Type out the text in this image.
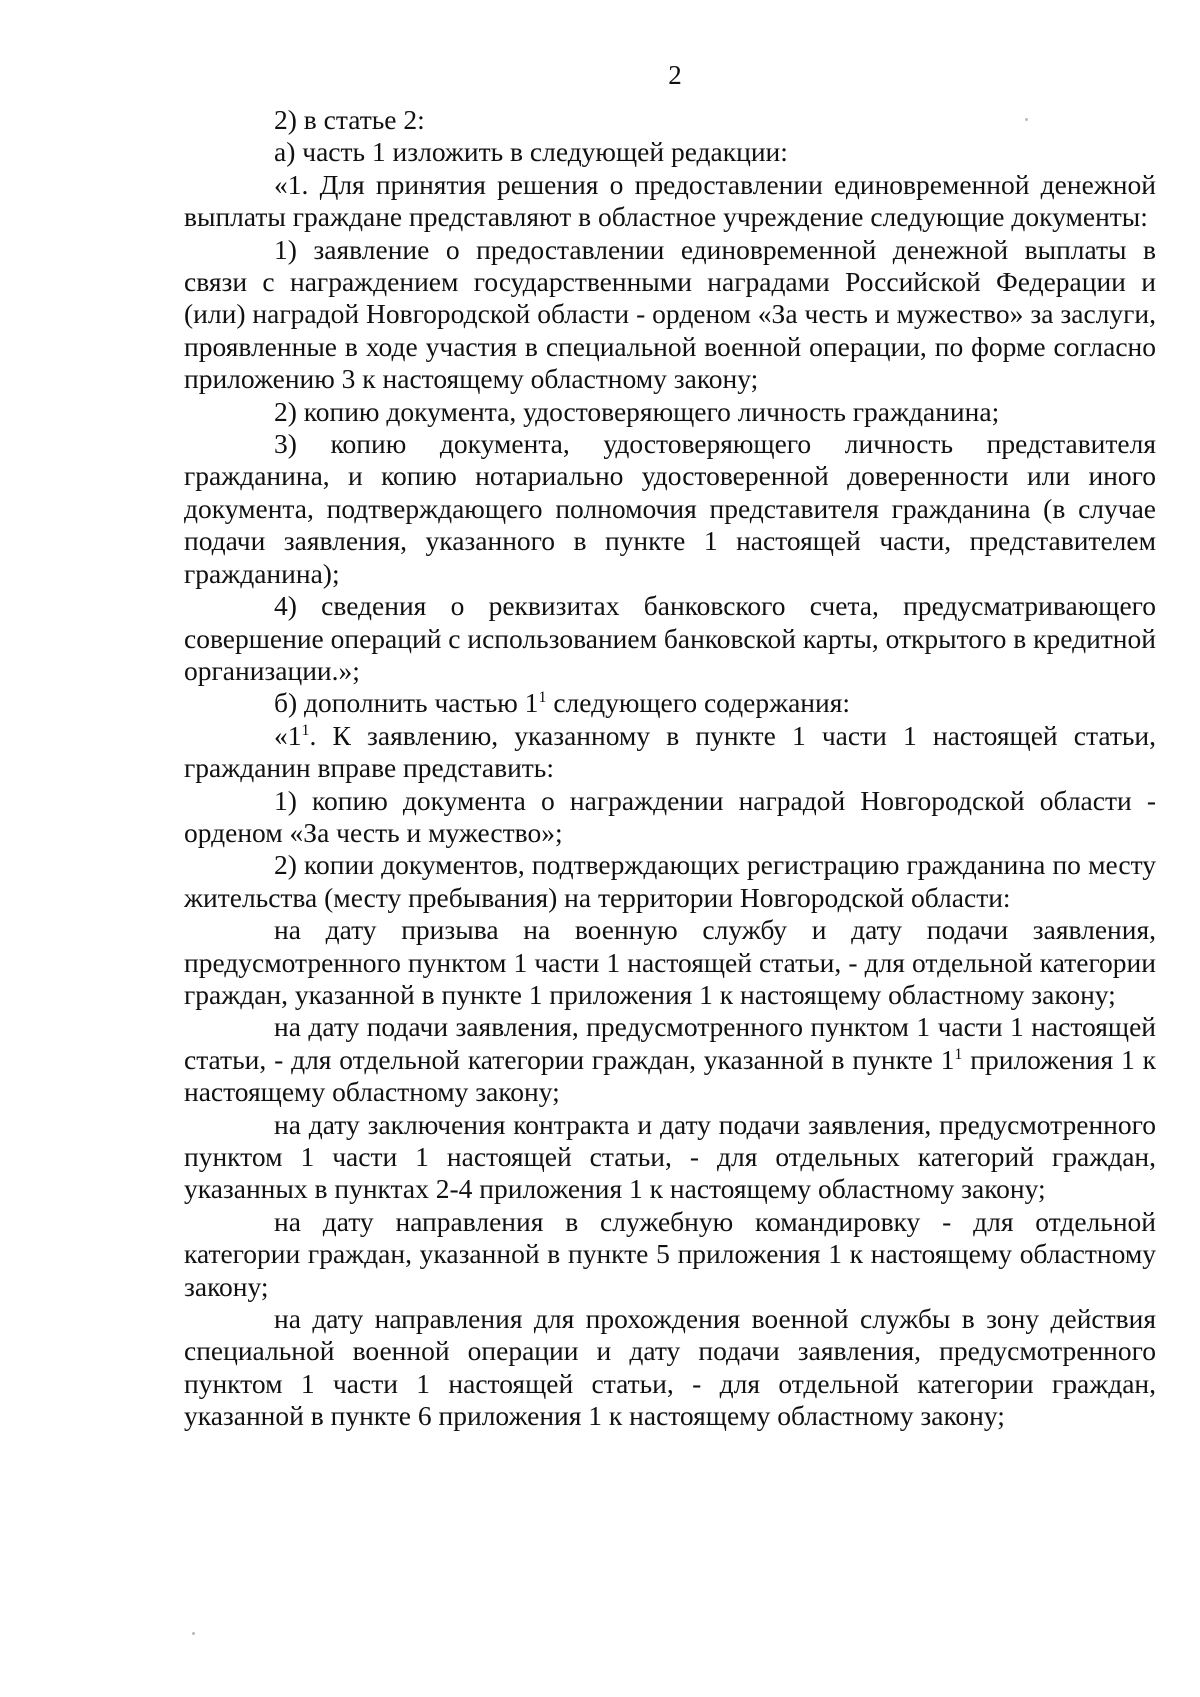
2

2) в статье 2:

а) часть 1 изложить в следующей редакции:

«1. Для принятия решения о предоставлении единовременной денежной выплаты граждане представляют в областное учреждение следующие документы:

1) заявление о предоставлении единовременной денежной выплаты в связи с награждением государственными наградами Российской Федерации и (или) наградой Новгородской области - орденом «За честь и мужество» за заслуги, проявленные в ходе участия в специальной военной операции, по форме согласно приложению 3 к настоящему областному закону;

2) копию документа, удостоверяющего личность гражданина;

3) копию документа, удостоверяющего личность представителя гражданина, и копию нотариально удостоверенной доверенности или иного документа, подтверждающего полномочия представителя гражданина (в случае подачи заявления, указанного в пункте 1 настоящей части, представителем гражданина);

4) сведения о реквизитах банковского счета, предусматривающего совершение операций с использованием банковской карты, открытого в кредитной организации.»;

б) дополнить частью $1^1$ следующего содержания:

«$1^1$. К заявлению, указанному в пункте 1 части 1 настоящей статьи, гражданин вправе представить:

1) копию документа о награждении наградой Новгородской области - орденом «За честь и мужество»;

2) копии документов, подтверждающих регистрацию гражданина по месту жительства (месту пребывания) на территории Новгородской области:

на дату призыва на военную службу и дату подачи заявления, предусмотренного пунктом 1 части 1 настоящей статьи, - для отдельной категории граждан, указанной в пункте 1 приложения 1 к настоящему областному закону;

на дату подачи заявления, предусмотренного пунктом 1 части 1 настоящей статьи, - для отдельной категории граждан, указанной в пункте $1^1$ приложения 1 к настоящему областному закону;

на дату заключения контракта и дату подачи заявления, предусмотренного пунктом 1 части 1 настоящей статьи, - для отдельных категорий граждан, указанных в пунктах 2-4 приложения 1 к настоящему областному закону;

на дату направления в служебную командировку - для отдельной категории граждан, указанной в пункте 5 приложения 1 к настоящему областному закону;

на дату направления для прохождения военной службы в зону действия специальной военной операции и дату подачи заявления, предусмотренного пунктом 1 части 1 настоящей статьи, - для отдельной категории граждан, указанной в пункте 6 приложения 1 к настоящему областному закону;
